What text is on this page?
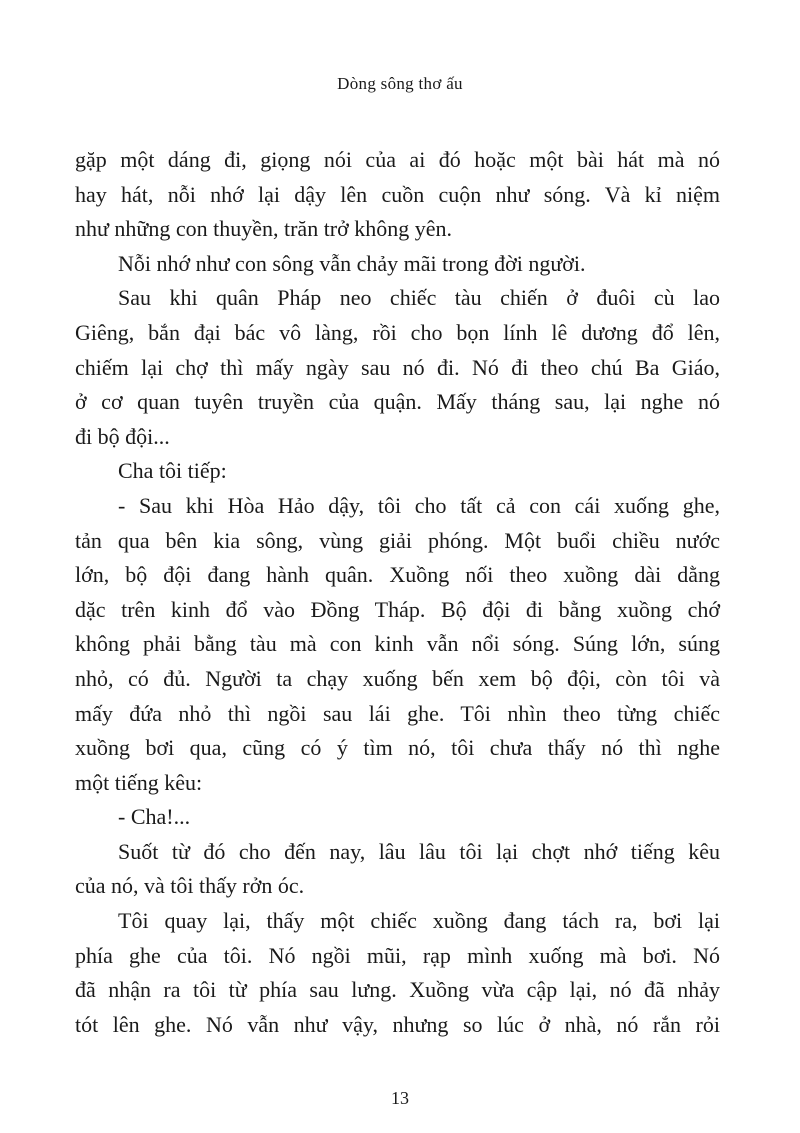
Dòng sông thơ ấu

gặp một dáng đi, giọng nói của ai đó hoặc một bài hát mà nó
hay hát, nỗi nhớ lại dậy lên cuồn cuộn như sóng. Và kỉ niệm
như những con thuyền, trăn trở không yên.

Nỗi nhớ như con sông vẫn chảy mãi trong đời người.

Sau khi quân Pháp neo chiếc tàu chiến ở đuôi cù lao
Giêng, bắn đại bác vô làng, rồi cho bọn lính lê dương đổ lên,
chiếm lại chợ thì mấy ngày sau nó đi. Nó đi theo chú Ba Giáo,
ở cơ quan tuyên truyền của quận. Mấy tháng sau, lại nghe nó
đi bộ đội...

Cha tôi tiếp:

- Sau khi Hòa Hảo dậy, tôi cho tất cả con cái xuống ghe,
tản qua bên kia sông, vùng giải phóng. Một buổi chiều nước
lớn, bộ đội đang hành quân. Xuồng nối theo xuồng dài dằng
dặc trên kinh đổ vào Đồng Tháp. Bộ đội đi bằng xuồng chớ
không phải bằng tàu mà con kinh vẫn nổi sóng. Súng lớn, súng
nhỏ, có đủ. Người ta chạy xuống bến xem bộ đội, còn tôi và
mấy đứa nhỏ thì ngồi sau lái ghe. Tôi nhìn theo từng chiếc
xuồng bơi qua, cũng có ý tìm nó, tôi chưa thấy nó thì nghe
một tiếng kêu:

- Cha!...

Suốt từ đó cho đến nay, lâu lâu tôi lại chợt nhớ tiếng kêu
của nó, và tôi thấy rởn óc.

Tôi quay lại, thấy một chiếc xuồng đang tách ra, bơi lại
phía ghe của tôi. Nó ngồi mũi, rạp mình xuống mà bơi. Nó
đã nhận ra tôi từ phía sau lưng. Xuồng vừa cập lại, nó đã nhảy
tót lên ghe. Nó vẫn như vậy, nhưng so lúc ở nhà, nó rắn rỏi

13
